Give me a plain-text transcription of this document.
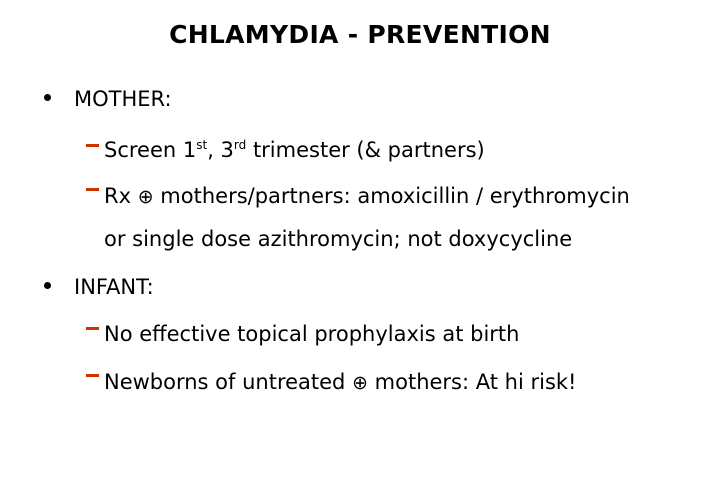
CHLAMYDIA - PREVENTION
MOTHER:
Screen 1st, 3rd trimester (& partners)
Rx ⊕ mothers/partners: amoxicillin / erythromycin
or single dose azithromycin; not doxycycline
INFANT:
No effective topical prophylaxis at birth
Newborns of untreated ⊕ mothers: At hi risk!
